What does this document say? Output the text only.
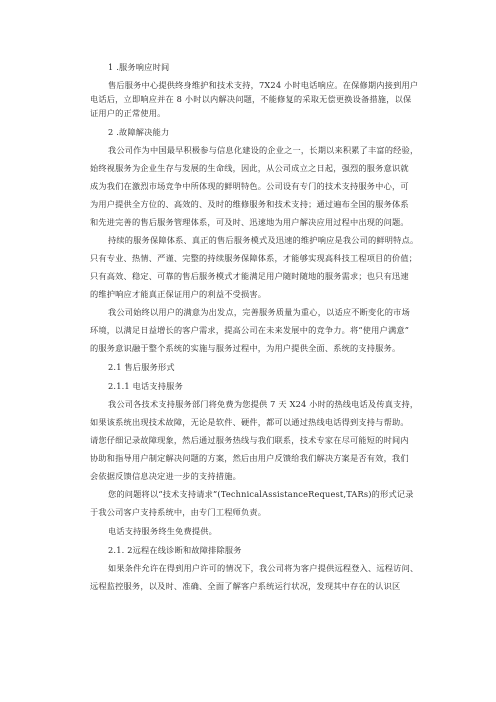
1 .服务响应时间
售后服务中心提供终身维护和技术支持，7X24 小时电话响应。在保修期内接到用户
电话后，立即响应并在 8 小时以内解决问题，不能修复的采取无偿更换设备措施，以保
证用户的正常使用。
2 .故障解决能力
我公司作为中国最早积极参与信息化建设的企业之一，长期以来积累了丰富的经验，
始终视服务为企业生存与发展的生命线，因此，从公司成立之日起，强烈的服务意识就
成为我们在激烈市场竞争中所体现的鲜明特色。公司设有专门的技术支持服务中心，可
为用户提供全方位的、高效的、及时的维修服务和技术支持；通过遍布全国的服务体系
和先进完善的售后服务管理体系，可及时、迅速地为用户解决应用过程中出现的问题。
持续的服务保障体系、真正的售后服务模式及迅速的维护响应是我公司的鲜明特点。
只有专业、热情、严谨、完整的持续服务保障体系，才能够实现高科技工程项目的价值；
只有高效、稳定、可靠的售后服务模式才能满足用户随时随地的服务需求；也只有迅速
的维护响应才能真正保证用户的利益不受损害。
我公司始终以用户的满意为出发点，完善服务质量为重心，以适应不断变化的市场
环境，以满足日益增长的客户需求，提高公司在未来发展中的竞争力。将“使用户满意”
的服务意识融于整个系统的实施与服务过程中，为用户提供全面、系统的支持服务。
2.1 售后服务形式
2.1.1 电话支持服务
我公司各技术支持服务部门将免费为您提供 7 天 X24 小时的热线电话及传真支持，
如果该系统出现技术故障，无论是软件、硬件，都可以通过热线电话得到支持与帮助。
请您仔细记录故障现象，然后通过服务热线与我们联系，技术专家在尽可能短的时间内
协助和指导用户制定解决问题的方案，然后由用户反馈给我们解决方案是否有效，我们
会依据反馈信息决定进一步的支持措施。
您的问题将以“技术支持请求”(TechnicalAssistanceRequest,TARs)的形式记录
于我公司客户支持系统中，由专门工程师负责。
电话支持服务终生免费提供。
2.1. 2远程在线诊断和故障排除服务
如果条件允许在得到用户许可的情况下，我公司将为客户提供远程登入、远程访问、
远程监控服务，以及时、准确、全面了解客户系统运行状况，发现其中存在的认识区
